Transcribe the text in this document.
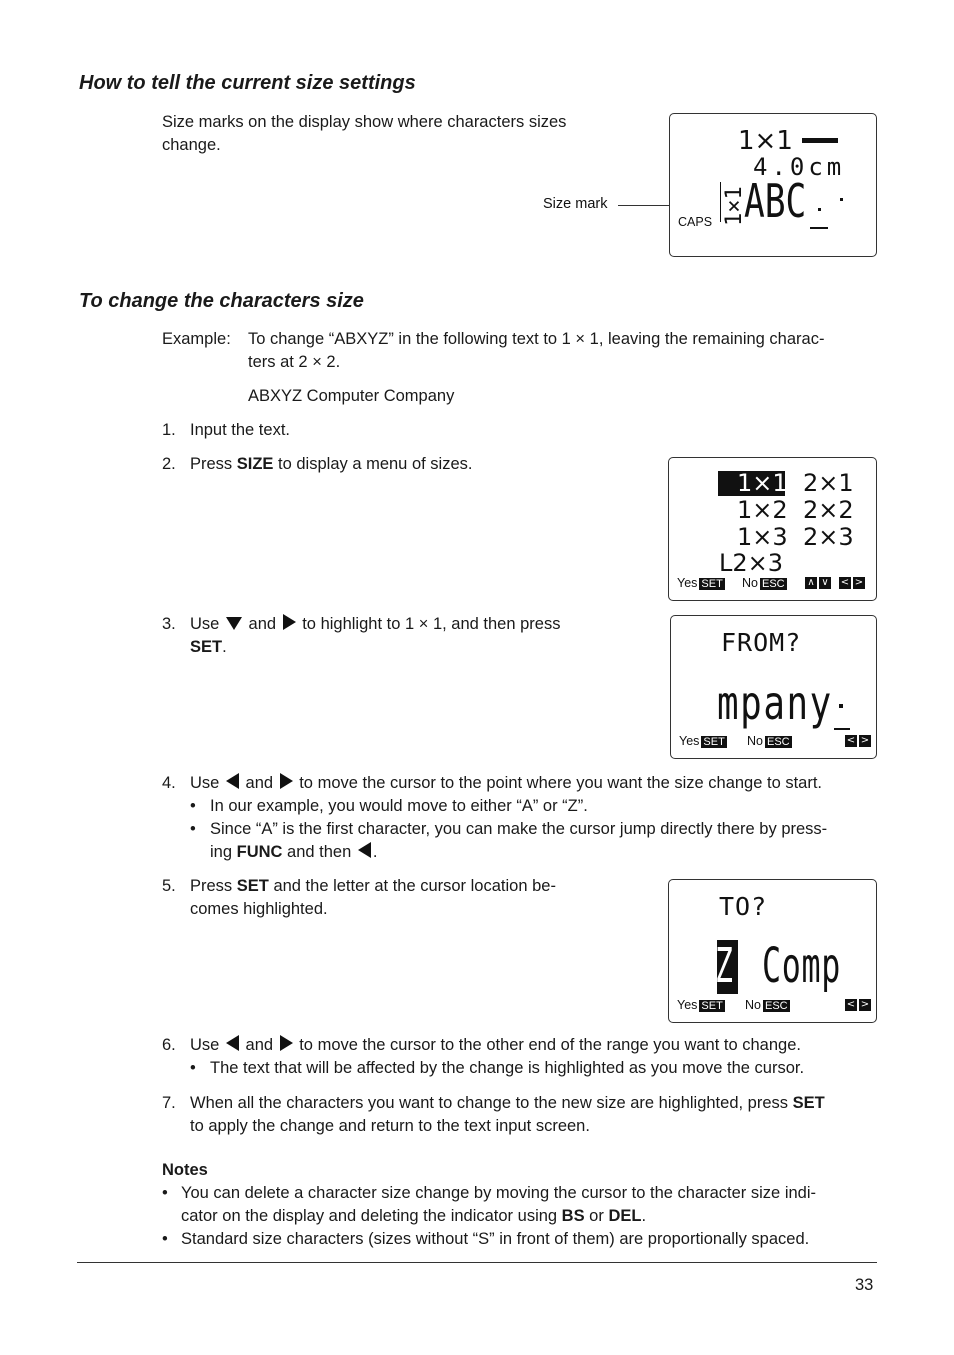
How to tell the current size settings
Size marks on the display show where characters sizes
change.
Size mark
1×1
4.0cm
1×1
ABC
CAPS
To change the characters size
Example: To change “ABXYZ” in the following text to 1 × 1, leaving the remaining charac-
ters at 2 × 2.
ABXYZ Computer Company
1. Input the text.
2. Press SIZE to display a menu of sizes.
1×1 2×1
1×2 2×2
1×3 2×3
L2×3
Yes SET No ESC ∧ ∨ < >
3. Use  and  to highlight to 1 × 1, and then press
SET.	FROM?
mpany
Yes SET No ESC	< >
4. Use  and  to move the cursor to the point where you want the size change to start.
• In our example, you would move to either “A” or “Z”.
• Since “A” is the first character, you can make the cursor jump directly there by press-
ing FUNC and then .
5. Press SET and the letter at the cursor location be-
comes highlighted.	TO?
Z Comp
Yes SET No ESC	< >
6. Use  and  to move the cursor to the other end of the range you want to change.
• The text that will be affected by the change is highlighted as you move the cursor.
7. When all the characters you want to change to the new size are highlighted, press SET
to apply the change and return to the text input screen.
Notes
• You can delete a character size change by moving the cursor to the character size indi-
cator on the display and deleting the indicator using BS or DEL.
• Standard size characters (sizes without “S” in front of them) are proportionally spaced.
33
